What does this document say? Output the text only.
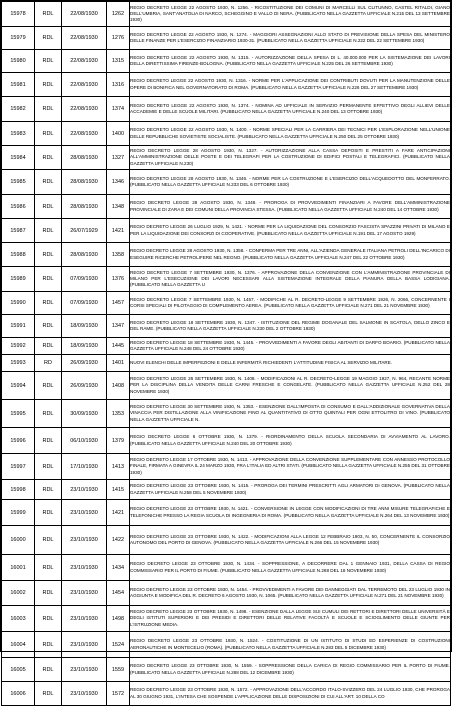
15978	RDL	22/08/1930	1262	REGIO DECRETO LEGGE 22 AGOSTO 1930, N. 1256. - RICOSTITUZIONE DEI COMUNI DI MARCELLI SUL CLITUNNO, CASTEL RITALDI, GIANO DELL'UMBRIA, SANT'ANATOLIA DI NARCO, SCHEGGINO E VALLO DI NERA. (PUBBLICATO NELLA GAZZETTA UFFICIALE N.215 DEL 13 SETTEMBRE 1930)

15979	RDL	22/08/1930	1276	REGIO DECRETO LEGGE 22 AGOSTO 1930, N. 1274. - MAGGIORI ASSEGNAZIONI ALLO STATO DI PREVISIONE DELLA SPESA DEL MINISTERO DELLE FINANZE PER L'ESERCIZIO FINANZIARIO 1930-31. (PUBBLICATO NELLA GAZZETTA UFFICIALE N.222 DEL 22 SETTEMBRE 1930)

15980	RDL	22/08/1930	1315	REGIO DECRETO LEGGE 22 AGOSTO 1930, N. 1315. - AUTORIZZAZIONE DELLA SPESA DI L. 40.000.000 PER LA SISTEMAZIONE DEI LAVORI DELLA DIRETTISSIMA FIRENZE-BOLOGNA. (PUBBLICATO NELLA GAZZETTA UFFICIALE N.225 DEL 26 SETTEMBRE 1930)

15981	RDL	22/08/1930	1316	REGIO DECRETO LEGGE 22 AGOSTO 1930, N. 1316. - NORME PER L'APPLICAZIONE DEI CONTRIBUTI DOVUTI PER LA MANUTENZIONE DELLE OPERE DI BONIFICA NEL GOVERNATORATO DI ROMA. (PUBBLICATO NELLA GAZZETTA UFFICIALE N.226 DEL 27 SETTEMBRE 1930)

15982	RDL	22/08/1930	1374	REGIO DECRETO LEGGE 22 AGOSTO 1930, N. 1374. - NOMINA AD UFFICIALE IN SERVIZIO PERMANENTE EFFETTIVO DEGLI ALLIEVI DELLE ACCADEMIE E DELLE SCUOLE MILITARI. (PUBBLICATO NELLA GAZZETTA UFFICIALE N.240 DEL 13 OTTOBRE 1930)

15983	RDL	22/08/1930	1400	REGIO DECRETO LEGGE 22 AGOSTO 1930, N. 1400. - NORME SPECIALI PER LA CARRIERA DEI TECNICI PER L'ESPLORAZIONE NELL'UNIONE DELLE REPUBBLICHE SOVIETISTE SOCIALISTE. (PUBBLICATO NELLA GAZZETTA UFFICIALE N.250 DEL 25 OTTOBRE 1930)

15984	RDL	28/08/1930	1327	REGIO DECRETO LEGGE 28 AGOSTO 1930, N. 1327. - AUTORIZZAZIONE ALLA CASSA DEPOSITI E PRESTITI A FARE ANTICIPAZIONI ALL'AMMINISTRAZIONE DELLE POSTE E DEI TELEGRAFI PER LA COSTRUZIONE DI EDIFICI POSTALI E TELEGRAFICI. (PUBBLICATO NELLA GAZZETTA UFFICIALE N.230)

15985	RDL	28/08/1930	1346	REGIO DECRETO LEGGE 28 AGOSTO 1930, N. 1346. - NORME PER LA COSTRUZIONE E L'ESERCIZIO DELL'ACQUEDOTTO DEL MONFERRATO. (PUBBLICATO NELLA GAZZETTA UFFICIALE N.233 DEL 6 OTTOBRE 1930)

15986	RDL	28/08/1930	1348	REGIO DECRETO LEGGE 28 AGOSTO 1930, N. 1348. - PROROGA DI PROVVEDIMENTI FINANZIARI A FAVORE DELL'AMMINISTRAZIONE PROVINCIALE DI ZARA E DEI COMUNI DELLA PROVINCIA STESSA. (PUBBLICATO NELLA GAZZETTA UFFICIALE N.240 DEL 14 OTTOBRE 1930)

15987	RDL	26/07/1929	1421	REGIO DECRETO LEGGE 26 LUGLIO 1929, N. 1421. - NORME PER LA LIQUIDAZIONE DEL CONSORZIO FASCISTA SPAZZINI PRIVATI DI MILANO E PER LA LIQUIDAZIONE DEI CONSORZI DI COOPERATIVE. (PUBBLICATO NELLA GAZZETTA UFFICIALE N.191 DEL 17 AGOSTO 1929)

15988	RDL	28/08/1930	1358	REGIO DECRETO LEGGE 28 AGOSTO 1930, N. 1358. - CONFERMA PER TRE ANNI, ALL'AZIENDA GENERALE ITALIANA PETROLI DELL'INCARICO DI ESEGUIRE RICERCHE PETROLIFERE NEL REGNO. (PUBBLICATO NELLA GAZZETTA UFFICIALE N.247 DEL 22 OTTOBRE 1930)

15989	RDL	07/09/1930	1376	REGIO DECRETO LEGGE 7 SETTEMBRE 1930, N. 1376. - APPROVAZIONE DELLA CONVENZIONE CON L'AMMINISTRAZIONE PROVINCIALE DI MILANO PER L'ESECUZIONE DEI LAVORI NECESSARI ALLA SISTEMAZIONE INTEGRALE DELLA PIANURA DELLA BASSA LODIGIANA. (PUBBLICATO NELLA GAZZETTA U

15990	RDL	07/09/1930	1457	REGIO DECRETO LEGGE 7 SETTEMBRE 1930, N. 1457. - MODIFICHE AL R. DECRETO-LEGGE 9 SETTEMBRE 1926, N. 2066, CONCERNENTE I CORSI SPECIALI DI PILOTAGGIO DI COMPLEMENTO AEREA. (PUBBLICATO NELLA GAZZETTA UFFICIALE N.271 DEL 21 NOVEMBRE 1930)

15991	RDL	18/09/1930	1347	REGIO DECRETO LEGGE 18 SETTEMBRE 1930, N. 1347. - ISTITUZIONE DEL REGIME DOGANALE DEL SALMONE IN SCATOLA, DELLO ZINCO E DEL RAME. (PUBBLICATO NELLA GAZZETTA UFFICIALE N.230 DEL 2 OTTOBRE 1930)

15992	RDL	18/09/1930	1445	REGIO DECRETO LEGGE 18 SETTEMBRE 1930, N. 1445. - PROVVEDIMENTI A FAVORE DEGLI ABITANTI DI DARFO BOARIO. (PUBBLICATO NELLA GAZZETTA UFFICIALE N.248 DEL 24 OTTOBRE 1930)

15993	RD	26/09/1930	1401	NUOVI ELENCHI DELLE IMPERFEZIONI E DELLE INFERMITÀ RICHIEDENTI L'ATTITUDINE FISICA AL SERVIZIO MILITARE.

15994	RDL	26/09/1930	1408	REGIO DECRETO LEGGE 26 SETTEMBRE 1930, N. 1408. - MODIFICAZIONI AL R. DECRETO-LEGGE 19 MAGGIO 1927, N. 964, RECANTE NORME PER LA DISCIPLINA DELLA VENDITA DELLE CARNI FRESCHE E CONGELATE. (PUBBLICATO NELLA GAZZETTA UFFICIALE N.252 DEL 28 NOVEMBRE 1930)

15995	RDL	30/09/1930	1353	REGIO DECRETO LEGGE 30 SETTEMBRE 1930, N. 1353. - ESENZIONE DALL'IMPOSTA DI CONSUMO E DALL'ADDIZIONALE GOVERNATIVA DELLA VINACCIA PER DISTILLAZIONE ALLA VINIFICAZIONE FINO AL QUANTITATIVO DI OTTO QUINTALI PER OGNI ETTOLITRO DI VINO. (PUBBLICATO NELLA GAZZETTA UFFICIALE N.

15996	RDL	06/10/1930	1379	REGIO DECRETO LEGGE 6 OTTOBRE 1930, N. 1379. - RIORDINAMENTO DELLA SCUOLA SECONDARIA DI AVVIAMENTO AL LAVORO. (PUBBLICATO NELLA GAZZETTA UFFICIALE N.240 DEL 20 OTTOBRE 1930)

15997	RDL	17/10/1930	1413	REGIO DECRETO LEGGE 17 OTTOBRE 1930, N. 1413. - APPROVAZIONE DELLA CONVENZIONE SUPPLEMENTARE CON ANNESSO PROTOCOLLO FINALE, FIRMATA A GINEVRA IL 24 MARZO 1930, FRA L'ITALIA ED ALTRI STATI. (PUBBLICATO NELLA GAZZETTA UFFICIALE N.255 DEL 31 OTTOBRE 1930)

15998	RDL	23/10/1930	1415	REGIO DECRETO LEGGE 23 OTTOBRE 1930, N. 1415. - PROROGA DEI TERMINI PRESCRITTI AGLI ARMATORI DI GENOVA. (PUBBLICATO NELLA GAZZETTA UFFICIALE N.258 DEL 5 NOVEMBRE 1930)

15999	RDL	23/10/1930	1421	REGIO DECRETO LEGGE 23 OTTOBRE 1930, N. 1421. - CONVERSIONE IN LEGGE CON MODIFICAZIONI DI TRE ANNI MISURE TELEGRAFICHE E TELEFONICHE PRESSO LA REGIA SCUOLA DI INGEGNERIA DI ROMA. (PUBBLICATO NELLA GAZZETTA UFFICIALE N.264 DEL 13 NOVEMBRE 1930)

16000	RDL	23/10/1930	1422	REGIO DECRETO LEGGE 23 OTTOBRE 1930, N. 1422. - MODIFICAZIONI ALLA LEGGE 12 FEBBRAIO 1903, N. 50, CONCERNENTE IL CONSORZIO AUTONOMO DEL PORTO DI GENOVA. (PUBBLICATO NELLA GAZZETTA UFFICIALE N.266 DEL 15 NOVEMBRE 1930)

16001	RDL	23/10/1930	1434	REGIO DECRETO LEGGE 23 OTTOBRE 1930, N. 1434. - SOPPRESSIONE, A DECORRERE DAL 1 GENNAIO 1931, DELLA CASSA DI REGIO COMMISSARIO PER IL PORTO DI FIUME. (PUBBLICATO NELLA GAZZETTA UFFICIALE N.268 DEL 18 NOVEMBRE 1930)

16002	RDL	23/10/1930	1454	REGIO DECRETO LEGGE 23 OTTOBRE 1930, N. 1454. - PROVVEDIMENTI A FAVORE DEI DANNEGGIATI DAL TERREMOTO DEL 23 LUGLIO 1930 IN AGGIUNTA E MODIFICA DEL R. DECRETO 6 AGOSTO 1930, N. 1065. (PUBBLICATO NELLA GAZZETTA UFFICIALE N.271 DEL 21 NOVEMBRE 1930)

16003	RDL	23/10/1930	1498	REGIO DECRETO LEGGE 23 OTTOBRE 1930, N. 1498. - ESENZIONE DALLA LEGGE SUI CUMULI DEI RETTORI E DIRETTORI DELLE UNIVERSITÀ E DEGLI ISTITUTI SUPERIORI E DEI PRESIDI E DIRETTORI DELLE RELATIVE FACOLTÀ E SCUOLE E SCIOGLIMENTO DELLE GIUNTE PER L'ISTRUZIONE MEDIA.

16004	RDL	23/10/1930	1524	REGIO DECRETO LEGGE 23 OTTOBRE 1930, N. 1524. - COSTITUZIONE DI UN ISTITUTO DI STUDI ED ESPERIENZE DI COSTRUZIONI AERONAUTICHE IN MONTECELIO (ROMA). (PUBBLICATO NELLA GAZZETTA UFFICIALE N.283 DEL 5 DICEMBRE 1930)

16005	RDL	23/10/1930	1559	REGIO DECRETO LEGGE 23 OTTOBRE 1930, N. 1559. - SOPPRESSIONE DELLA CARICA DI REGIO COMMISSARIO PER IL PORTO DI FIUME. (PUBBLICATO NELLA GAZZETTA UFFICIALE N.288 DEL 12 DICEMBRE 1930)

16006	RDL	23/10/1930	1572	REGIO DECRETO LEGGE 23 OTTOBRE 1930, N. 1572. - APPROVAZIONE DELL'ACCORDO ITALO-SVIZZERO DEL 24 LUGLIO 1930, CHE PROROGA AL 30 GIUGNO 1931, L'INTESA CHE SOSPENDE L'APPLICAZIONE DELLE DISPOSIZIONI DI CUI ALL'ART. 10 DELLA CO
